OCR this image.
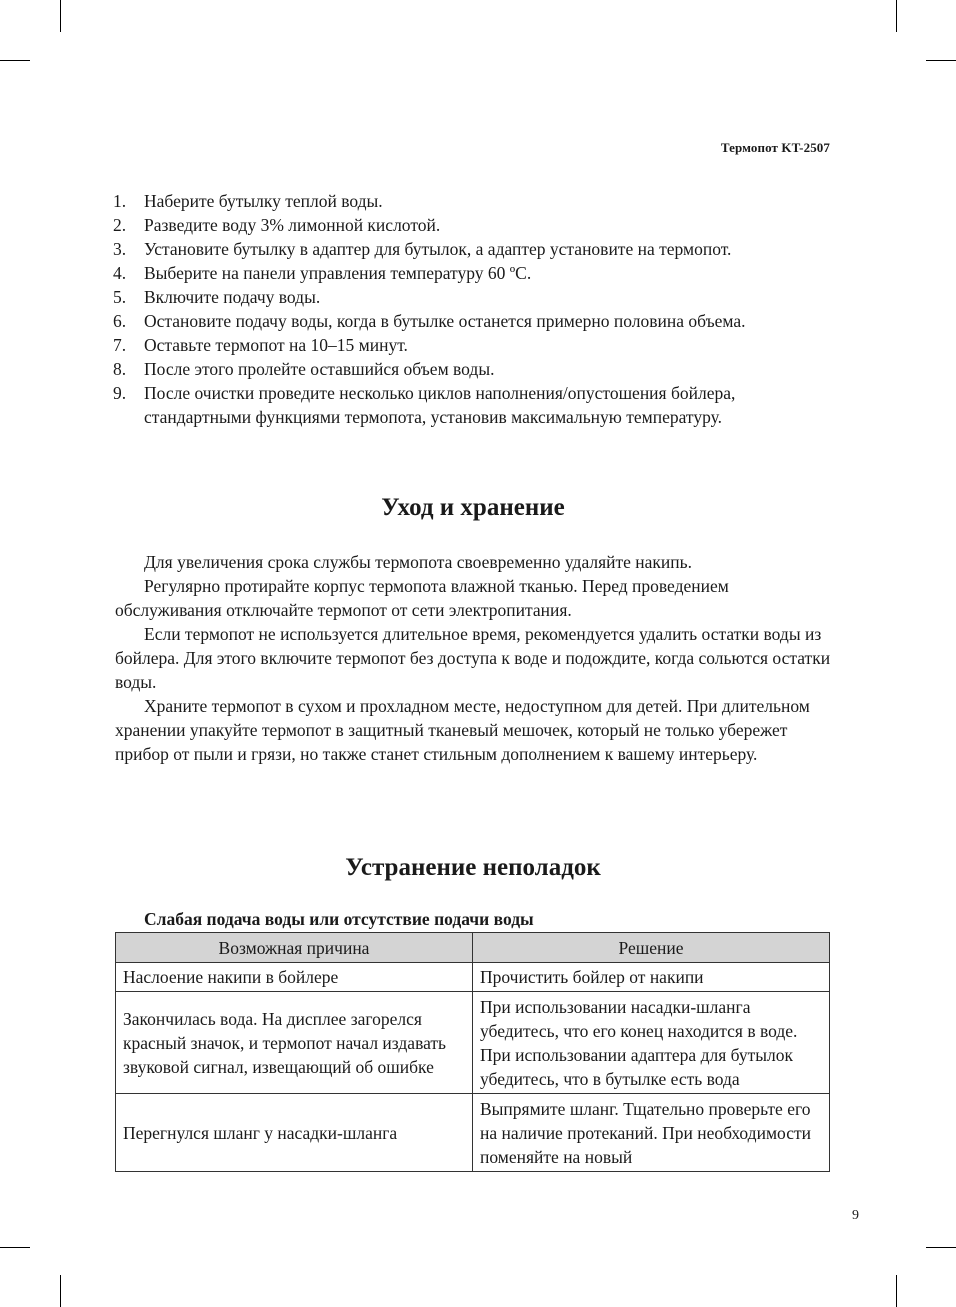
Термопот KT-2507
1. Наберите бутылку теплой воды.
2. Разведите воду 3% лимонной кислотой.
3. Установите бутылку в адаптер для бутылок, а адаптер установите на термопот.
4. Выберите на панели управления температуру 60 ºС.
5. Включите подачу воды.
6. Остановите подачу воды, когда в бутылке останется примерно половина объема.
7. Оставьте термопот на 10–15 минут.
8. После этого пролейте оставшийся объем воды.
9. После очистки проведите несколько циклов наполнения/опустошения бойлера, стандартными функциями термопота, установив максимальную температуру.
Уход и хранение

Для увеличения срока службы термопота своевременно удаляйте накипь.

Регулярно протирайте корпус термопота влажной тканью. Перед проведением обслуживания отключайте термопот от сети электропитания.

Если термопот не используется длительное время, рекомендуется удалить остатки воды из бойлера. Для этого включите термопот без доступа к воде и подождите, когда сольются остатки воды.

Храните термопот в сухом и прохладном месте, недоступном для детей. При длительном хранении упакуйте термопот в защитный тканевый мешочек, который не только убережет прибор от пыли и грязи, но также станет стильным дополнением к вашему интерьеру.

Устранение неполадок
Слабая подача воды или отсутствие подачи воды
Возможная причина	Решение
Наслоение накипи в бойлере	Прочистить бойлер от накипи
Закончилась вода. На дисплее загорелся красный значок, и термопот начал издавать звуковой сигнал, извещающий об ошибке	При использовании насадки-шланга убедитесь, что его конец находится в воде. При использовании адаптера для бутылок убедитесь, что в бутылке есть вода
Перегнулся шланг у насадки-шланга	Выпрямите шланг. Тщательно проверьте его на наличие протеканий. При необходимости поменяйте на новый
9
